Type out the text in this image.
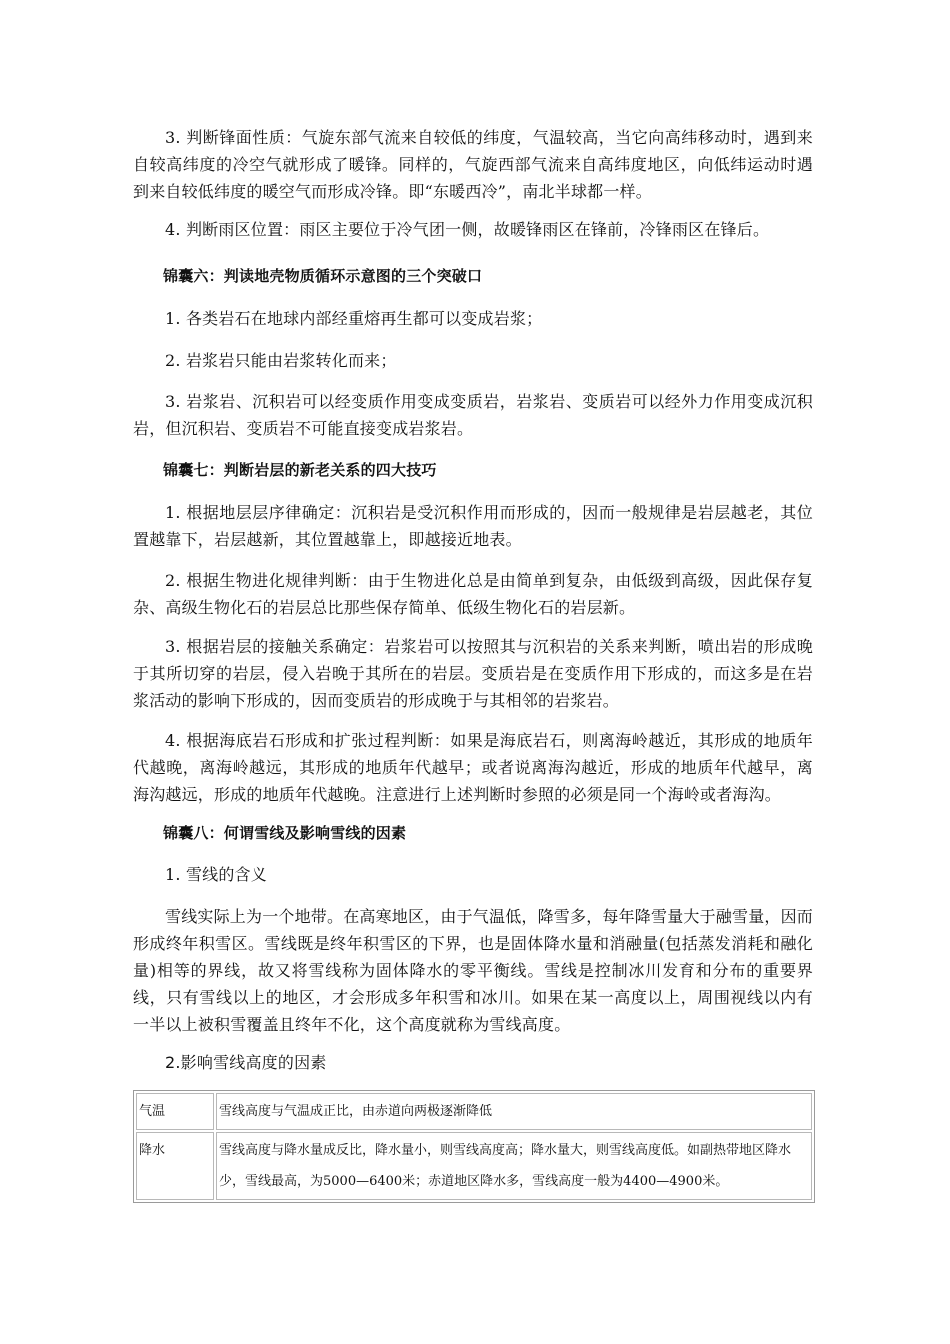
3. 判断锋面性质：气旋东部气流来自较低的纬度，气温较高，当它向高纬移动时，遇到来自较高纬度的冷空气就形成了暖锋。同样的，气旋西部气流来自高纬度地区，向低纬运动时遇到来自较低纬度的暖空气而形成冷锋。即“东暖西冷”，南北半球都一样。

4. 判断雨区位置：雨区主要位于冷气团一侧，故暖锋雨区在锋前，冷锋雨区在锋后。

锦囊六：判读地壳物质循环示意图的三个突破口

1. 各类岩石在地球内部经重熔再生都可以变成岩浆；

2. 岩浆岩只能由岩浆转化而来；

3. 岩浆岩、沉积岩可以经变质作用变成变质岩，岩浆岩、变质岩可以经外力作用变成沉积岩，但沉积岩、变质岩不可能直接变成岩浆岩。

锦囊七：判断岩层的新老关系的四大技巧

1. 根据地层层序律确定：沉积岩是受沉积作用而形成的，因而一般规律是岩层越老，其位置越靠下，岩层越新，其位置越靠上，即越接近地表。

2. 根据生物进化规律判断：由于生物进化总是由简单到复杂，由低级到高级，因此保存复杂、高级生物化石的岩层总比那些保存简单、低级生物化石的岩层新。

3. 根据岩层的接触关系确定：岩浆岩可以按照其与沉积岩的关系来判断，喷出岩的形成晚于其所切穿的岩层，侵入岩晚于其所在的岩层。变质岩是在变质作用下形成的，而这多是在岩浆活动的影响下形成的，因而变质岩的形成晚于与其相邻的岩浆岩。

4. 根据海底岩石形成和扩张过程判断：如果是海底岩石，则离海岭越近，其形成的地质年代越晚，离海岭越远，其形成的地质年代越早；或者说离海沟越近，形成的地质年代越早，离海沟越远，形成的地质年代越晚。注意进行上述判断时参照的必须是同一个海岭或者海沟。

锦囊八：何谓雪线及影响雪线的因素

1. 雪线的含义

雪线实际上为一个地带。在高寒地区，由于气温低，降雪多，每年降雪量大于融雪量，因而形成终年积雪区。雪线既是终年积雪区的下界，也是固体降水量和消融量(包括蒸发消耗和融化量)相等的界线，故又将雪线称为固体降水的零平衡线。雪线是控制冰川发育和分布的重要界线，只有雪线以上的地区，才会形成多年积雪和冰川。如果在某一高度以上，周围视线以内有一半以上被积雪覆盖且终年不化，这个高度就称为雪线高度。

2.影响雪线高度的因素

气温	雪线高度与气温成正比，由赤道向两极逐渐降低
降水	雪线高度与降水量成反比，降水量小，则雪线高度高；降水量大，则雪线高度低。如副热带地区降水少，雪线最高，为5000—6400米；赤道地区降水多，雪线高度一般为4400—4900米。
